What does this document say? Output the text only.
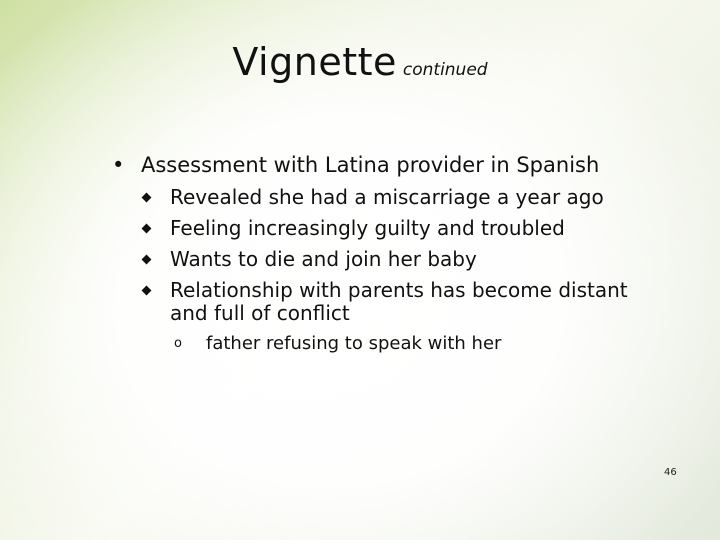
Vignette continued
• Assessment with Latina provider in Spanish
Revealed she had a miscarriage a year ago
Feeling increasingly guilty and troubled
Wants to die and join her baby
Relationship with parents has become distant and full of conflict
o father refusing to speak with her
46
